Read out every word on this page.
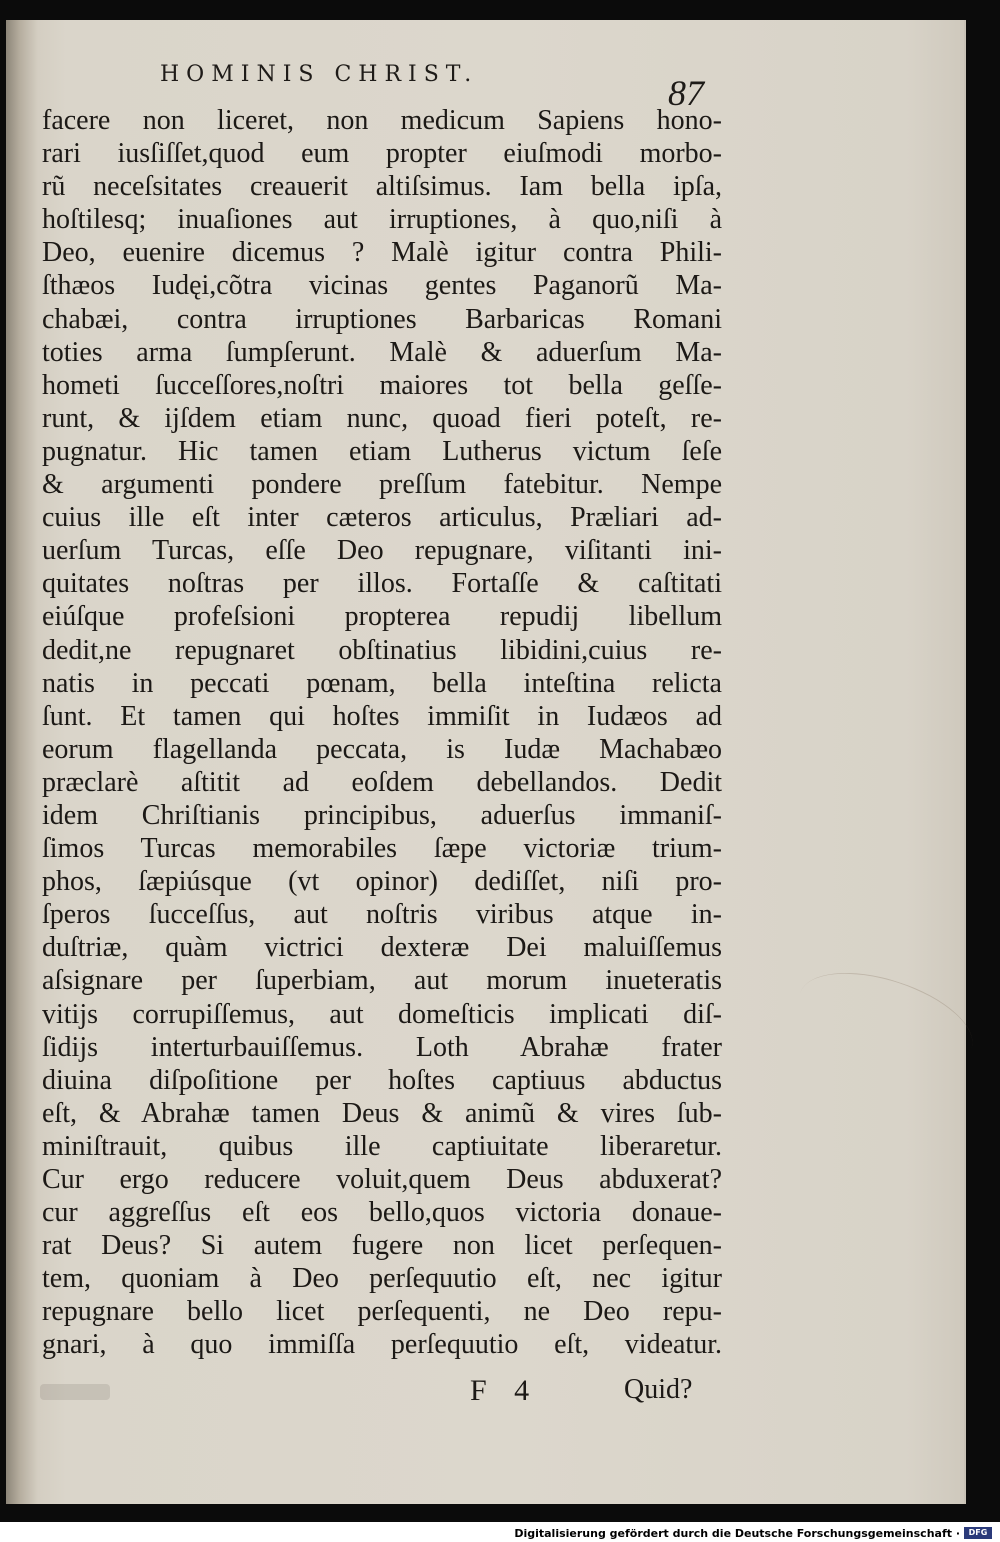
HOMINIS CHRIST.	87
facere non liceret, non medicum Sapiens hono-
rari iusſiſſet,quod eum propter eiuſmodi morbo-
rũ neceſsitates creauerit altiſsimus. Iam bella ipſa,
hoſtilesq; inuaſiones aut irruptiones, à quo,niſi à
Deo, euenire dicemus ? Malè igitur contra Phili-
ſthæos Iudęi,cõtra vicinas gentes Paganorũ Ma-
chabæi, contra irruptiones Barbaricas Romani
toties arma ſumpſerunt. Malè & aduerſum Ma-
hometi ſucceſſores,noſtri maiores tot bella geſſe-
runt, & ijſdem etiam nunc, quoad fieri poteſt, re-
pugnatur. Hic tamen etiam Lutherus victum ſeſe
& argumenti pondere preſſum fatebitur. Nempe
cuius ille eſt inter cæteros articulus, Præliari ad-
uerſum Turcas, eſſe Deo repugnare, viſitanti ini-
quitates noſtras per illos. Fortaſſe & caſtitati
eiúſque profeſsioni propterea repudij libellum
dedit,ne repugnaret obſtinatius libidini,cuius re-
natis in peccati pœnam, bella inteſtina relicta
ſunt. Et tamen qui hoſtes immiſit in Iudæos ad
eorum flagellanda peccata, is Iudæ Machabæo
præclarè aſtitit ad eoſdem debellandos. Dedit
idem Chriſtianis principibus, aduerſus immaniſ-
ſimos Turcas memorabiles ſæpe victoriæ trium-
phos, ſæpiúsque (vt opinor) dediſſet, niſi pro-
ſperos ſucceſſus, aut noſtris viribus atque in-
duſtriæ, quàm victrici dexteræ Dei maluiſſemus
aſsignare per ſuperbiam, aut morum inueteratis
vitijs corrupiſſemus, aut domeſticis implicati diſ-
ſidijs interturbauiſſemus. Loth Abrahæ frater
diuina diſpoſitione per hoſtes captiuus abductus
eſt, & Abrahæ tamen Deus & animũ & vires ſub-
miniſtrauit, quibus ille captiuitate liberaretur.
Cur ergo reducere voluit,quem Deus abduxerat?
cur aggreſſus eſt eos bello,quos victoria donaue-
rat Deus? Si autem fugere non licet perſequen-
tem, quoniam à Deo perſequutio eſt, nec igitur
repugnare bello licet perſequenti, ne Deo repu-
gnari, à quo immiſſa perſequutio eſt, videatur.
F 4	Quid?
Digitalisierung gefördert durch die Deutsche Forschungsgemeinschaft ·	DFG
